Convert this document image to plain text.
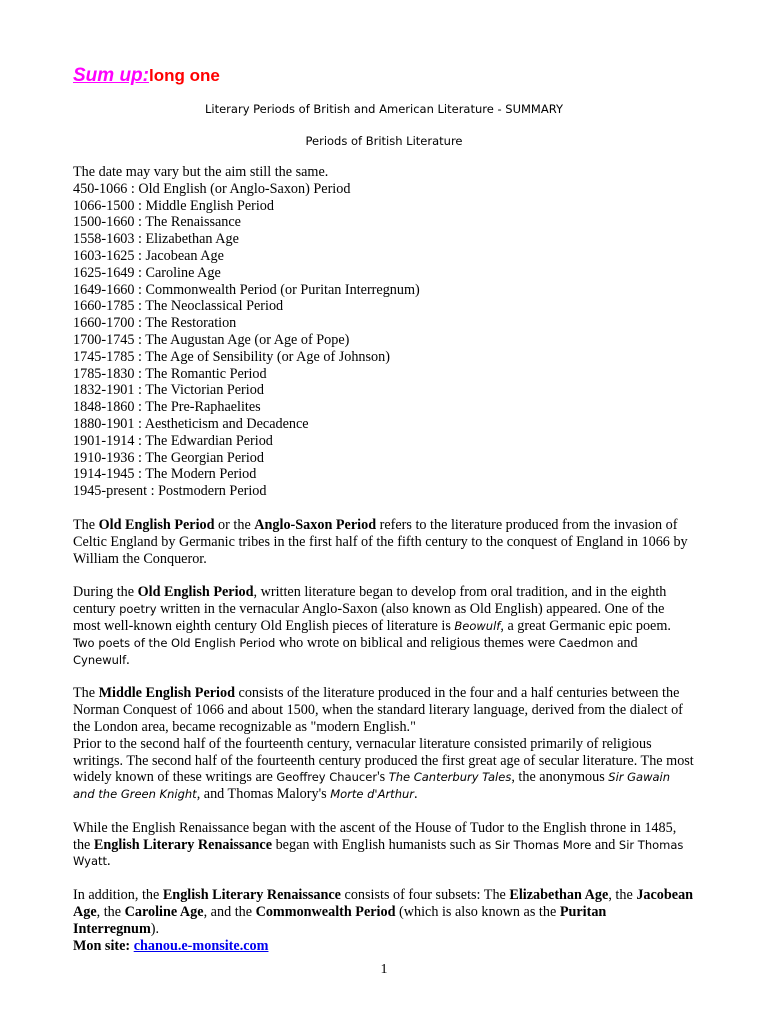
Sum up:long one

Literary Periods of British and American Literature - SUMMARY

Periods of British Literature

The date may vary but the aim still the same.
450-1066 : Old English (or Anglo-Saxon) Period
1066-1500 : Middle English Period
1500-1660 : The Renaissance
1558-1603 : Elizabethan Age
1603-1625 : Jacobean Age
1625-1649 : Caroline Age
1649-1660 : Commonwealth Period (or Puritan Interregnum)
1660-1785 : The Neoclassical Period
1660-1700 : The Restoration
1700-1745 : The Augustan Age (or Age of Pope)
1745-1785 : The Age of Sensibility (or Age of Johnson)
1785-1830 : The Romantic Period
1832-1901 : The Victorian Period
1848-1860 : The Pre-Raphaelites
1880-1901 : Aestheticism and Decadence
1901-1914 : The Edwardian Period
1910-1936 : The Georgian Period
1914-1945 : The Modern Period
1945-present : Postmodern Period

The Old English Period or the Anglo-Saxon Period refers to the literature produced from the invasion of Celtic England by Germanic tribes in the first half of the fifth century to the conquest of England in 1066 by William the Conqueror.

During the Old English Period, written literature began to develop from oral tradition, and in the eighth century poetry written in the vernacular Anglo-Saxon (also known as Old English) appeared. One of the most well-known eighth century Old English pieces of literature is Beowulf, a great Germanic epic poem. Two poets of the Old English Period who wrote on biblical and religious themes were Caedmon and Cynewulf.

The Middle English Period consists of the literature produced in the four and a half centuries between the Norman Conquest of 1066 and about 1500, when the standard literary language, derived from the dialect of the London area, became recognizable as "modern English."

Prior to the second half of the fourteenth century, vernacular literature consisted primarily of religious writings. The second half of the fourteenth century produced the first great age of secular literature. The most widely known of these writings are Geoffrey Chaucer's The Canterbury Tales, the anonymous Sir Gawain and the Green Knight, and Thomas Malory's Morte d'Arthur.

While the English Renaissance began with the ascent of the House of Tudor to the English throne in 1485, the English Literary Renaissance began with English humanists such as Sir Thomas More and Sir Thomas Wyatt.

In addition, the English Literary Renaissance consists of four subsets: The Elizabethan Age, the Jacobean Age, the Caroline Age, and the Commonwealth Period (which is also known as the Puritan Interregnum).

Mon site: chanou.e-monsite.com

1
